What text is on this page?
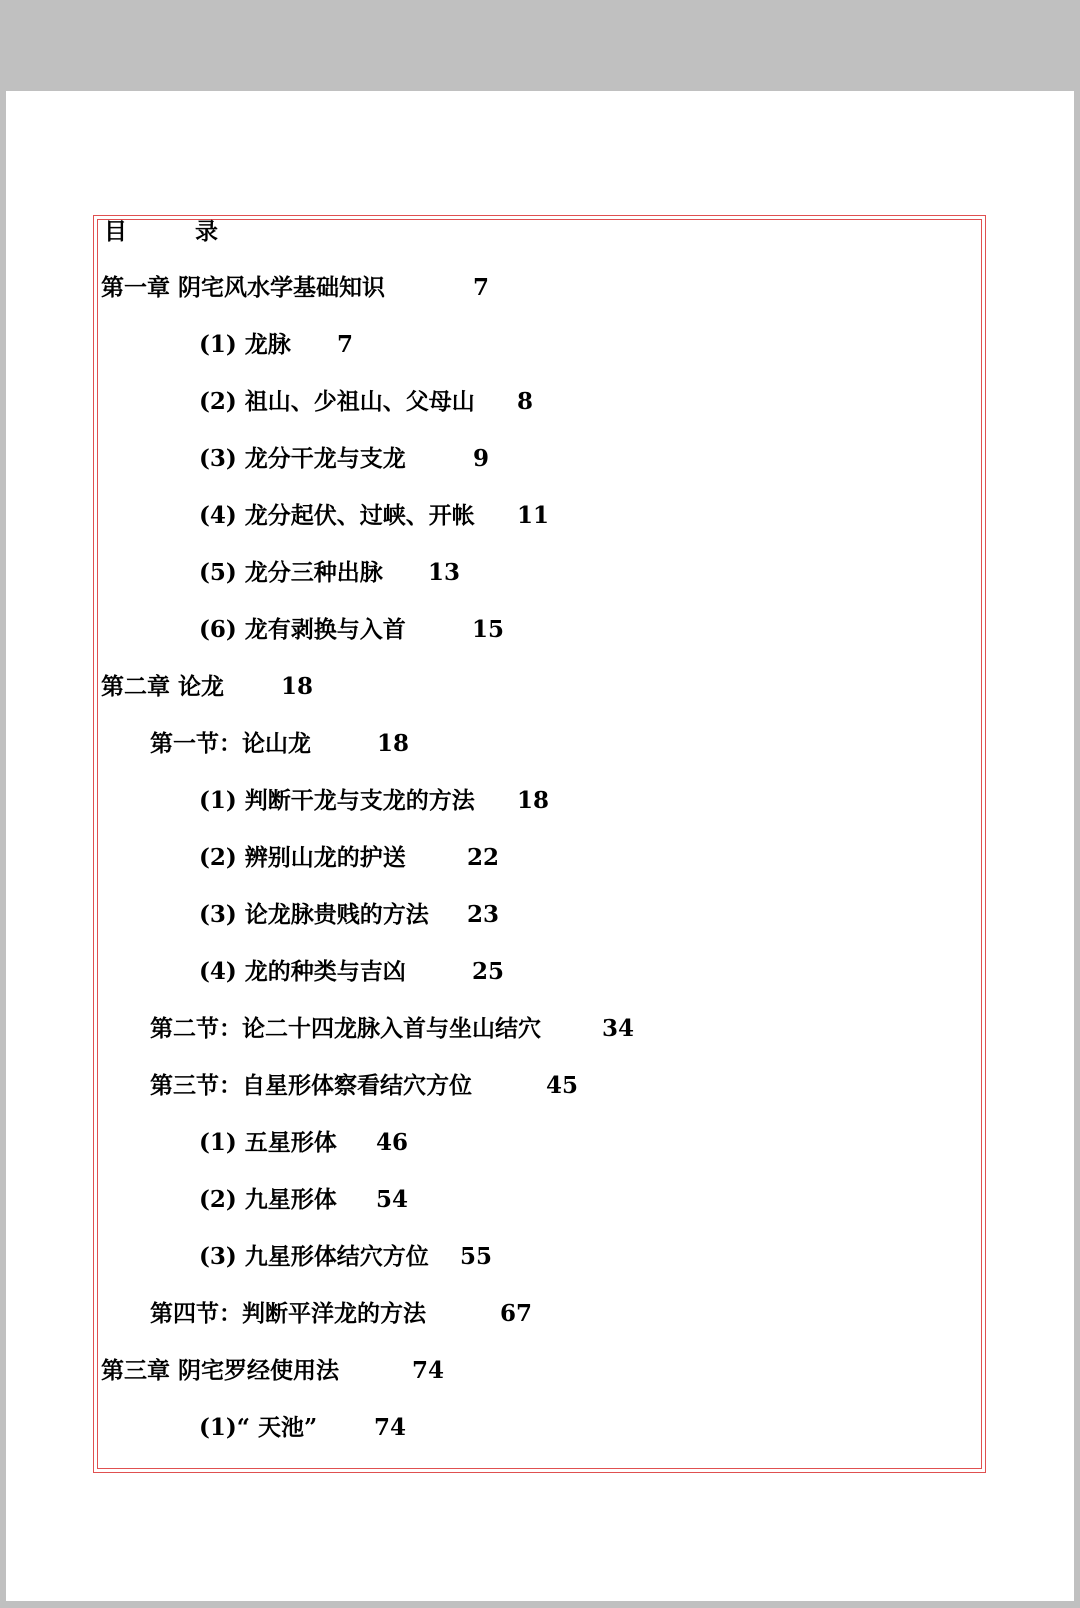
目 录
第一章 阴宅风水学基础知识	7
(1) 龙脉 7
(2) 祖山、少祖山、父母山 8
(3) 龙分干龙与支龙	9
(4) 龙分起伏、过峡、开帐 11
(5) 龙分三种出脉 13
(6) 龙有剥换与入首	15
第二章 论龙 18
第一节：论山龙	18
(1) 判断干龙与支龙的方法 18
(2) 辨别山龙的护送	22
(3) 论龙脉贵贱的方法 23
(4) 龙的种类与吉凶	25
第二节：论二十四龙脉入首与坐山结穴	34
第三节：自星形体察看结穴方位	45
(1) 五星形体 46
(2) 九星形体 54
(3) 九星形体结穴方位 55
第四节：判断平洋龙的方法	67
第三章 阴宅罗经使用法	74
(1)“ 天池” 74
